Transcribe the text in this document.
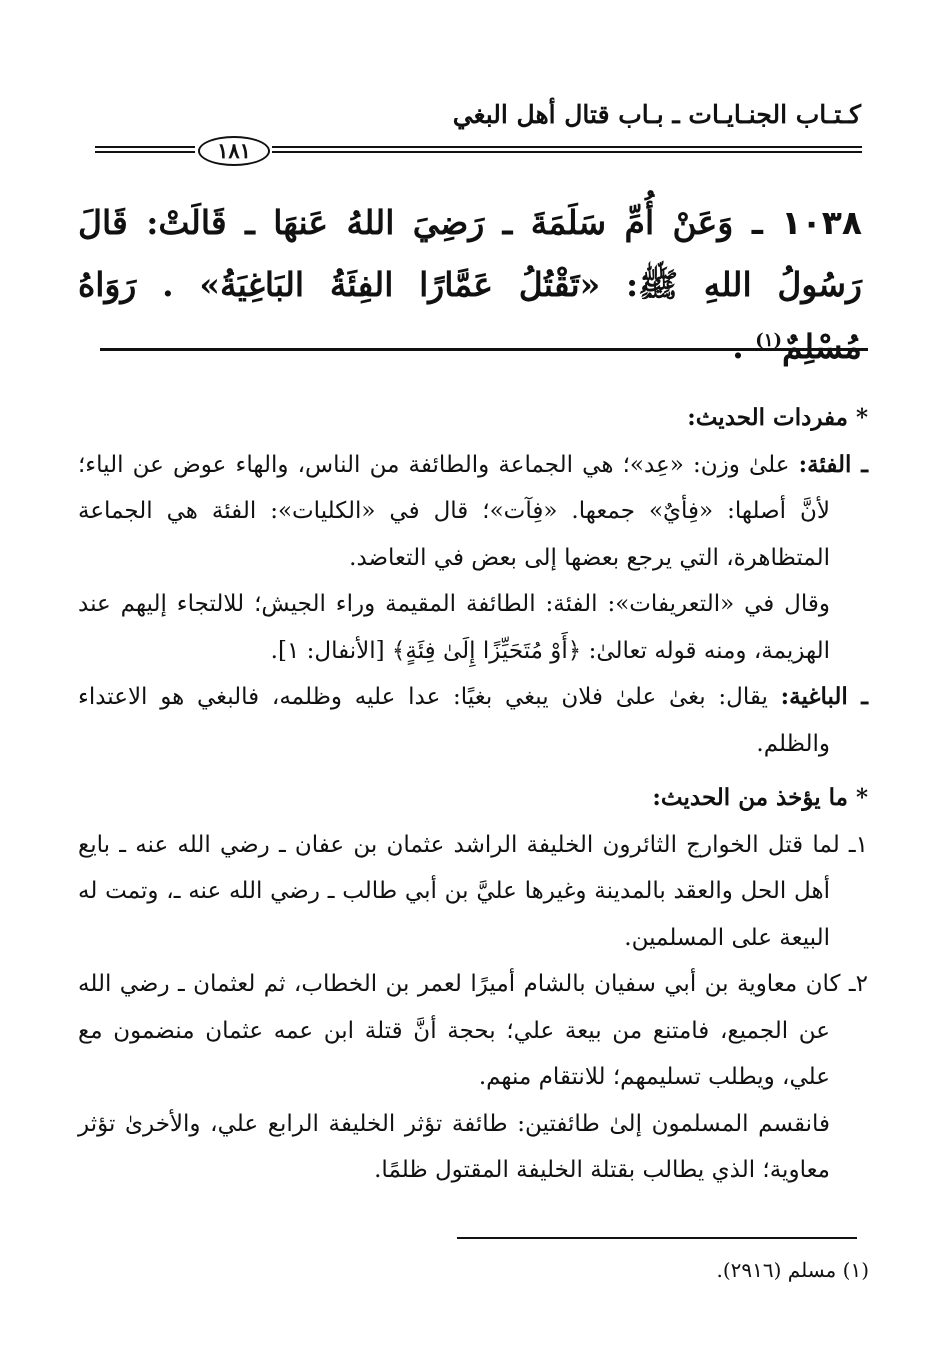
كـتـاب الجنـايـات ـ بـاب قتال أهل البغي
١٨١
١٠٣٨ ـ وَعَنْ أُمِّ سَلَمَةَ ـ رَضِيَ اللهُ عَنهَا ـ قَالَتْ: قَالَ رَسُولُ اللهِ ﷺ: «تَقْتُلُ عَمَّارًا الفِئَةُ البَاغِيَةُ» . رَوَاهُ مُسْلِمٌ$^{(١)}$ .

* مفردات الحديث:

ـ الفئة: علىٰ وزن: «عِد»؛ هي الجماعة والطائفة من الناس، والهاء عوض عن الياء؛ لأنَّ أصلها: «فِأيٌ» جمعها. «فِآت»؛ قال في «الكليات»: الفئة هي الجماعة المتظاهرة، التي يرجع بعضها إلى بعض في التعاضد.

وقال في «التعريفات»: الفئة: الطائفة المقيمة وراء الجيش؛ للالتجاء إليهم عند الهزيمة، ومنه قوله تعالىٰ: ﴿أَوْ مُتَحَيِّزًا إِلَىٰ فِئَةٍ﴾ [الأنفال: ١].

ـ الباغية: يقال: بغىٰ علىٰ فلان يبغي بغيًا: عدا عليه وظلمه، فالبغي هو الاعتداء والظلم.

* ما يؤخذ من الحديث:

١ـ لما قتل الخوارج الثائرون الخليفة الراشد عثمان بن عفان ـ رضي الله عنه ـ بايع أهل الحل والعقد بالمدينة وغيرها عليَّ بن أبي طالب ـ رضي الله عنه ـ، وتمت له البيعة على المسلمين.

٢ـ كان معاوية بن أبي سفيان بالشام أميرًا لعمر بن الخطاب، ثم لعثمان ـ رضي الله عن الجميع، فامتنع من بيعة علي؛ بحجة أنَّ قتلة ابن عمه عثمان منضمون مع علي، ويطلب تسليمهم؛ للانتقام منهم.

فانقسم المسلمون إلىٰ طائفتين: طائفة تؤثر الخليفة الرابع علي، والأخرىٰ تؤثر معاوية؛ الذي يطالب بقتلة الخليفة المقتول ظلمًا.

(١) مسلم (٢٩١٦).
